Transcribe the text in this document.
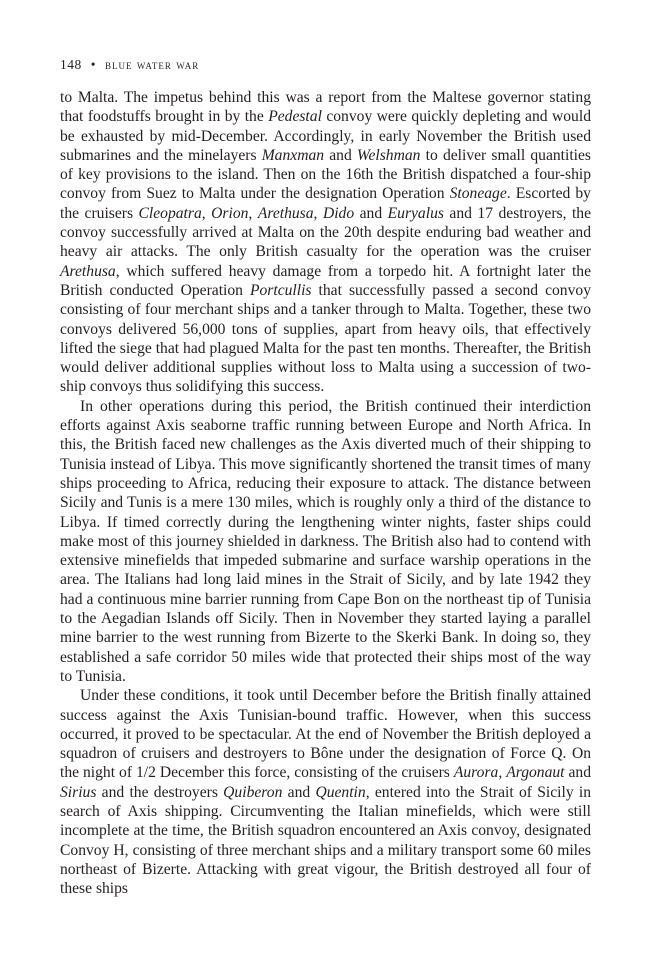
148 • blue water war

to Malta. The impetus behind this was a report from the Maltese governor stating that foodstuffs brought in by the Pedestal convoy were quickly depleting and would be exhausted by mid-December. Accordingly, in early November the British used submarines and the minelayers Manxman and Welshman to deliver small quantities of key provisions to the island. Then on the 16th the British dispatched a four-ship convoy from Suez to Malta under the designation Operation Stoneage. Escorted by the cruisers Cleopatra, Orion, Arethusa, Dido and Euryalus and 17 destroyers, the convoy successfully arrived at Malta on the 20th despite enduring bad weather and heavy air attacks. The only British casualty for the operation was the cruiser Arethusa, which suffered heavy damage from a torpedo hit. A fortnight later the British conducted Operation Portcullis that successfully passed a second convoy consisting of four merchant ships and a tanker through to Malta. Together, these two convoys delivered 56,000 tons of supplies, apart from heavy oils, that effectively lifted the siege that had plagued Malta for the past ten months. Thereafter, the British would deliver additional supplies without loss to Malta using a succession of two-ship convoys thus solidifying this success.

In other operations during this period, the British continued their interdiction efforts against Axis seaborne traffic running between Europe and North Africa. In this, the British faced new challenges as the Axis diverted much of their shipping to Tunisia instead of Libya. This move significantly shortened the transit times of many ships proceeding to Africa, reducing their exposure to attack. The distance between Sicily and Tunis is a mere 130 miles, which is roughly only a third of the distance to Libya. If timed correctly during the lengthening winter nights, faster ships could make most of this journey shielded in darkness. The British also had to contend with extensive minefields that impeded submarine and surface warship operations in the area. The Italians had long laid mines in the Strait of Sicily, and by late 1942 they had a continuous mine barrier running from Cape Bon on the northeast tip of Tunisia to the Aegadian Islands off Sicily. Then in November they started laying a parallel mine barrier to the west running from Bizerte to the Skerki Bank. In doing so, they established a safe corridor 50 miles wide that protected their ships most of the way to Tunisia.

Under these conditions, it took until December before the British finally attained success against the Axis Tunisian-bound traffic. However, when this success occurred, it proved to be spectacular. At the end of November the British deployed a squadron of cruisers and destroyers to Bône under the designation of Force Q. On the night of 1/2 December this force, consisting of the cruisers Aurora, Argonaut and Sirius and the destroyers Quiberon and Quentin, entered into the Strait of Sicily in search of Axis shipping. Circumventing the Italian minefields, which were still incomplete at the time, the British squadron encountered an Axis convoy, designated Convoy H, consisting of three merchant ships and a military transport some 60 miles northeast of Bizerte. Attacking with great vigour, the British destroyed all four of these ships
